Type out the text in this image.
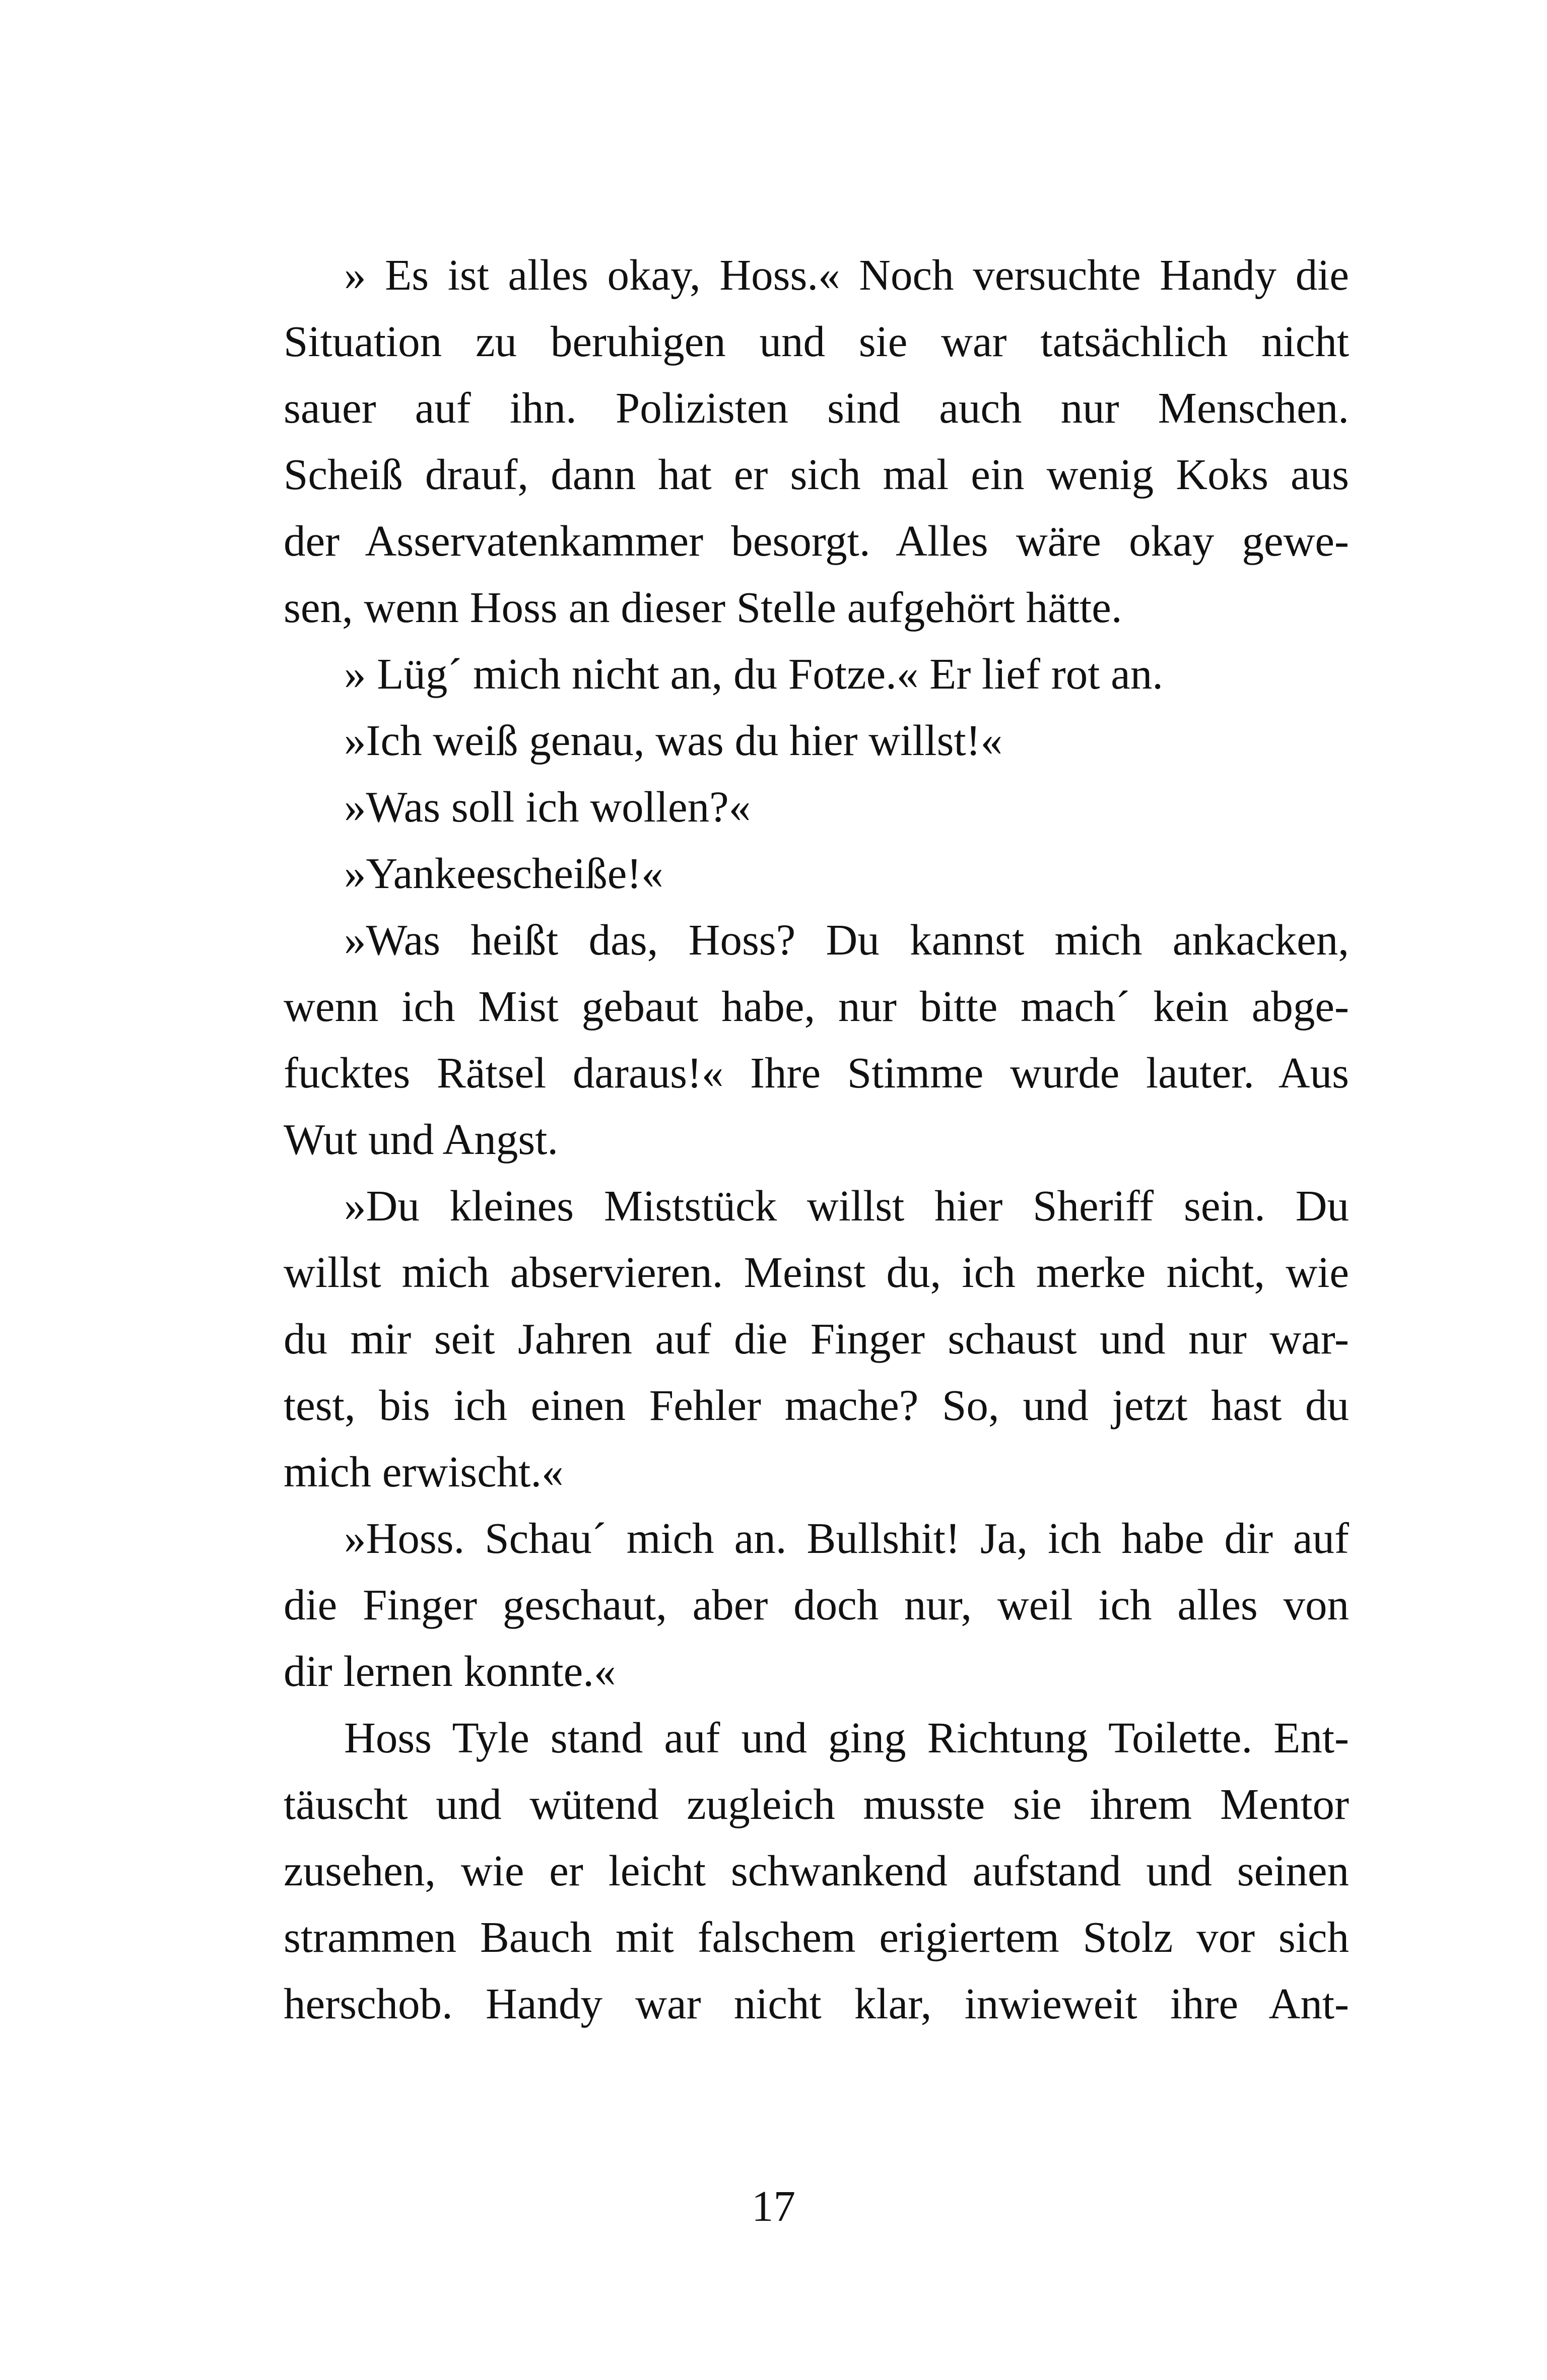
» Es ist alles okay, Hoss.« Noch versuchte Handy die
Situation zu beruhigen und sie war tatsächlich nicht
sauer auf ihn. Polizisten sind auch nur Menschen.
Scheiß drauf, dann hat er sich mal ein wenig Koks aus
der Asservatenkammer besorgt. Alles wäre okay gewe-
sen, wenn Hoss an dieser Stelle aufgehört hätte.
» Lüg´ mich nicht an, du Fotze.« Er lief rot an.
»Ich weiß genau, was du hier willst!«
»Was soll ich wollen?«
»Yankeescheiße!«
»Was heißt das, Hoss? Du kannst mich ankacken,
wenn ich Mist gebaut habe, nur bitte mach´ kein abge-
fucktes Rätsel daraus!« Ihre Stimme wurde lauter. Aus
Wut und Angst.
»Du kleines Miststück willst hier Sheriff sein. Du
willst mich abservieren. Meinst du, ich merke nicht, wie
du mir seit Jahren auf die Finger schaust und nur war-
test, bis ich einen Fehler mache? So, und jetzt hast du
mich erwischt.«
»Hoss. Schau´ mich an. Bullshit! Ja, ich habe dir auf
die Finger geschaut, aber doch nur, weil ich alles von
dir lernen konnte.«
Hoss Tyle stand auf und ging Richtung Toilette. Ent-
täuscht und wütend zugleich musste sie ihrem Mentor
zusehen, wie er leicht schwankend aufstand und seinen
strammen Bauch mit falschem erigiertem Stolz vor sich
herschob. Handy war nicht klar, inwieweit ihre Ant-
17
